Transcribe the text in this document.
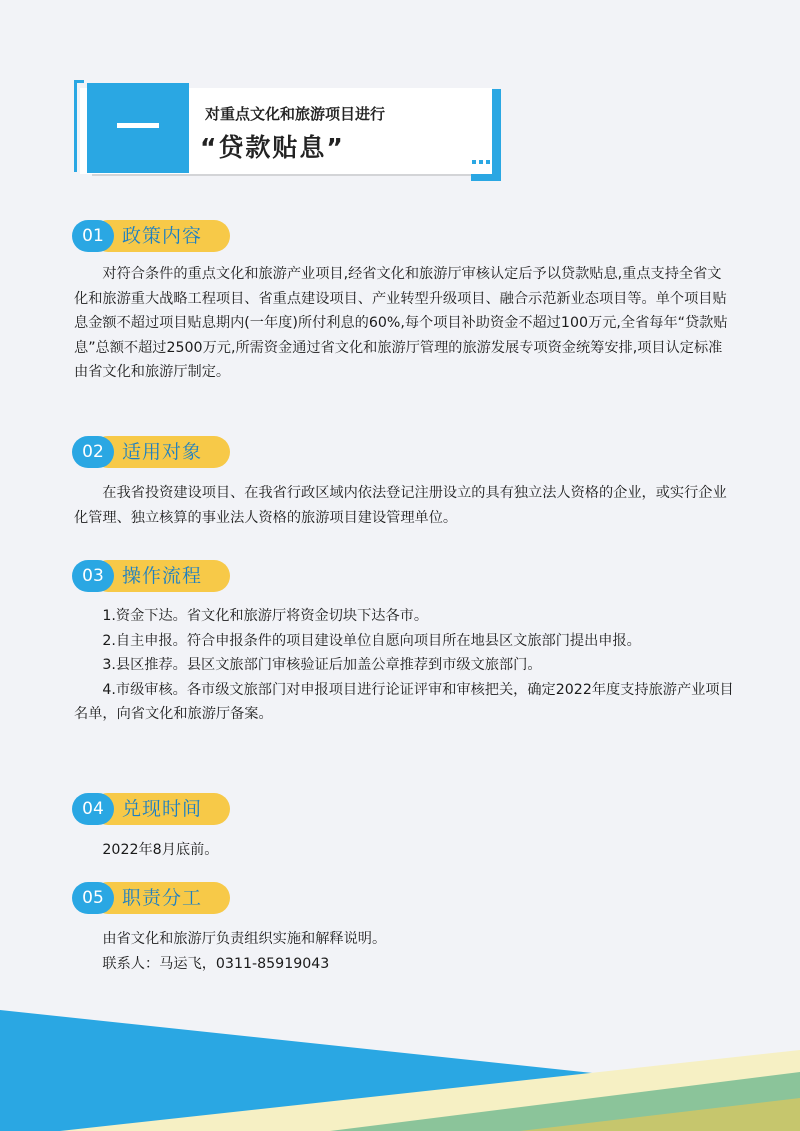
对重点文化和旅游项目进行
“贷款贴息”
01 政策内容

对符合条件的重点文化和旅游产业项目,经省文化和旅游厅审核认定后予以贷款贴息,重点支持全省文化和旅游重大战略工程项目、省重点建设项目、产业转型升级项目、融合示范新业态项目等。单个项目贴息金额不超过项目贴息期内(一年度)所付利息的60%,每个项目补助资金不超过100万元,全省每年“贷款贴息”总额不超过2500万元,所需资金通过省文化和旅游厅管理的旅游发展专项资金统筹安排,项目认定标准由省文化和旅游厅制定。

02 适用对象

在我省投资建设项目、在我省行政区域内依法登记注册设立的具有独立法人资格的企业，或实行企业化管理、独立核算的事业法人资格的旅游项目建设管理单位。

03 操作流程

1.资金下达。省文化和旅游厅将资金切块下达各市。

2.自主申报。符合申报条件的项目建设单位自愿向项目所在地县区文旅部门提出申报。

3.县区推荐。县区文旅部门审核验证后加盖公章推荐到市级文旅部门。

4.市级审核。各市级文旅部门对申报项目进行论证评审和审核把关，确定2022年度支持旅游产业项目名单，向省文化和旅游厅备案。

04 兑现时间

2022年8月底前。

05 职责分工

由省文化和旅游厅负责组织实施和解释说明。

联系人：马运飞，0311-85919043
